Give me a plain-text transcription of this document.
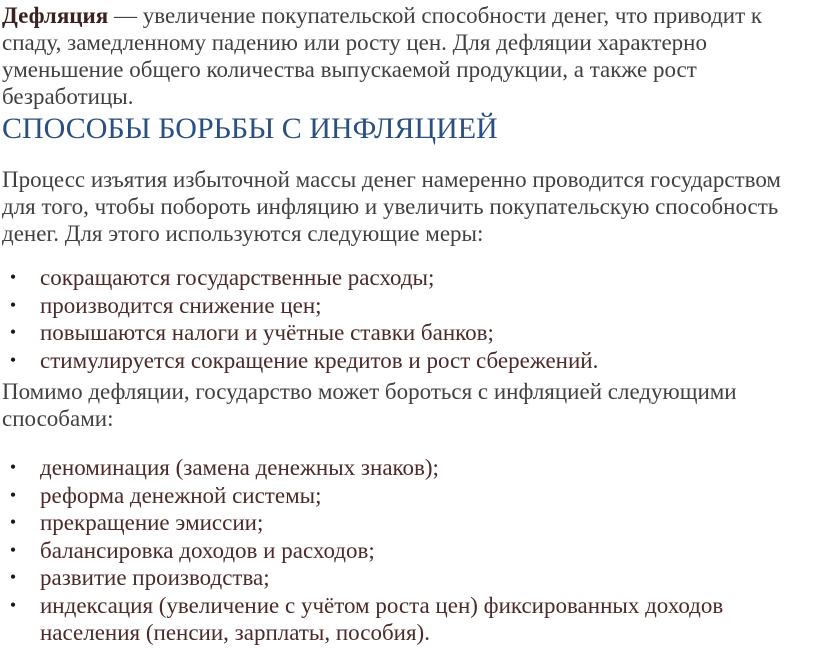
Дефляция — увеличение покупательской способности денег, что приводит к спаду, замедленному падению или росту цен. Для дефляции характерно уменьшение общего количества выпускаемой продукции, а также рост безработицы.

СПОСОБЫ БОРЬБЫ С ИНФЛЯЦИЕЙ

Процесс изъятия избыточной массы денег намеренно проводится государством для того, чтобы побороть инфляцию и увеличить покупательскую способность денег. Для этого используются следующие меры:

• сокращаются государственные расходы;
• производится снижение цен;
• повышаются налоги и учётные ставки банков;
• стимулируется сокращение кредитов и рост сбережений.

Помимо дефляции, государство может бороться с инфляцией следующими способами:

• деноминация (замена денежных знаков);
• реформа денежной системы;
• прекращение эмиссии;
• балансировка доходов и расходов;
• развитие производства;
• индексация (увеличение с учётом роста цен) фиксированных доходов населения (пенсии, зарплаты, пособия).
